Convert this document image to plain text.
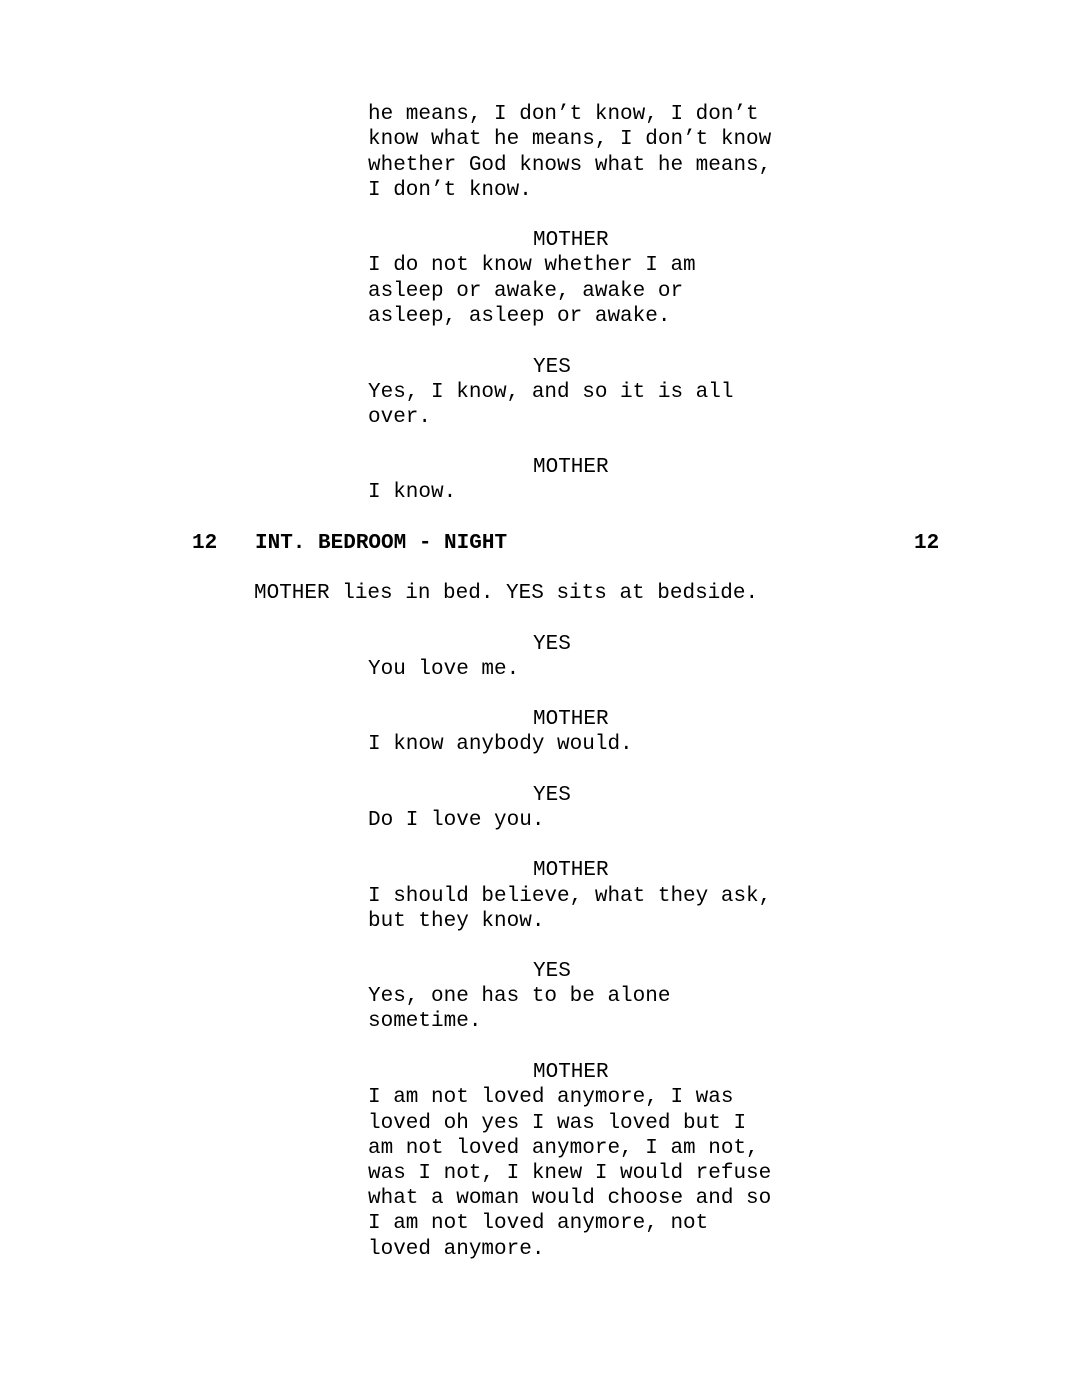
he means, I don’t know, I don’t
know what he means, I don’t know
whether God knows what he means,
I don’t know.
MOTHER
I do not know whether I am
asleep or awake, awake or
asleep, asleep or awake.
YES
Yes, I know, and so it is all
over.
MOTHER
I know.
12 INT. BEDROOM - NIGHT	12
MOTHER lies in bed. YES sits at bedside.
YES
You love me.
MOTHER
I know anybody would.
YES
Do I love you.
MOTHER
I should believe, what they ask,
but they know.
YES
Yes, one has to be alone
sometime.
MOTHER
I am not loved anymore, I was
loved oh yes I was loved but I
am not loved anymore, I am not,
was I not, I knew I would refuse
what a woman would choose and so
I am not loved anymore, not
loved anymore.
